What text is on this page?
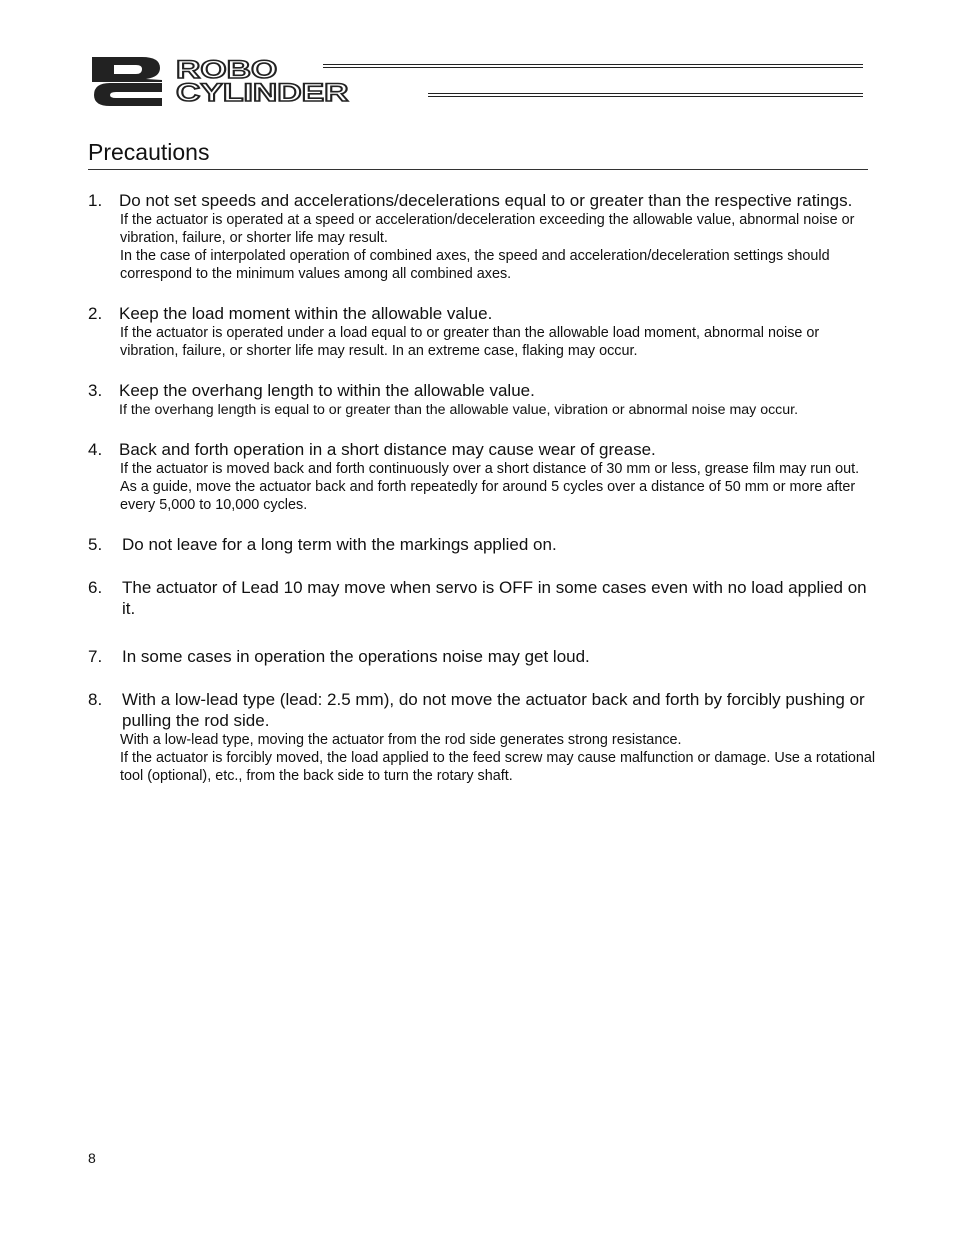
ROBO
CYLINDER
Precautions
1. Do not set speeds and accelerations/decelerations equal to or greater than the respective ratings.
If the actuator is operated at a speed or acceleration/deceleration exceeding the allowable value, abnormal noise or vibration, failure, or shorter life may result.
In the case of interpolated operation of combined axes, the speed and acceleration/deceleration settings should correspond to the minimum values among all combined axes.
2. Keep the load moment within the allowable value.
If the actuator is operated under a load equal to or greater than the allowable load moment, abnormal noise or vibration, failure, or shorter life may result. In an extreme case, flaking may occur.
3. Keep the overhang length to within the allowable value.
If the overhang length is equal to or greater than the allowable value, vibration or abnormal noise may occur.
4. Back and forth operation in a short distance may cause wear of grease.
If the actuator is moved back and forth continuously over a short distance of 30 mm or less, grease film may run out. As a guide, move the actuator back and forth repeatedly for around 5 cycles over a distance of 50 mm or more after every 5,000 to 10,000 cycles.
5. Do not leave for a long term with the markings applied on.
6. The actuator of Lead 10 may move when servo is OFF in some cases even with no load applied on it.
7. In some cases in operation the operations noise may get loud.
8. With a low-lead type (lead: 2.5 mm), do not move the actuator back and forth by forcibly pushing or pulling the rod side.
With a low-lead type, moving the actuator from the rod side generates strong resistance.
If the actuator is forcibly moved, the load applied to the feed screw may cause malfunction or damage. Use a rotational tool (optional), etc., from the back side to turn the rotary shaft.
8
